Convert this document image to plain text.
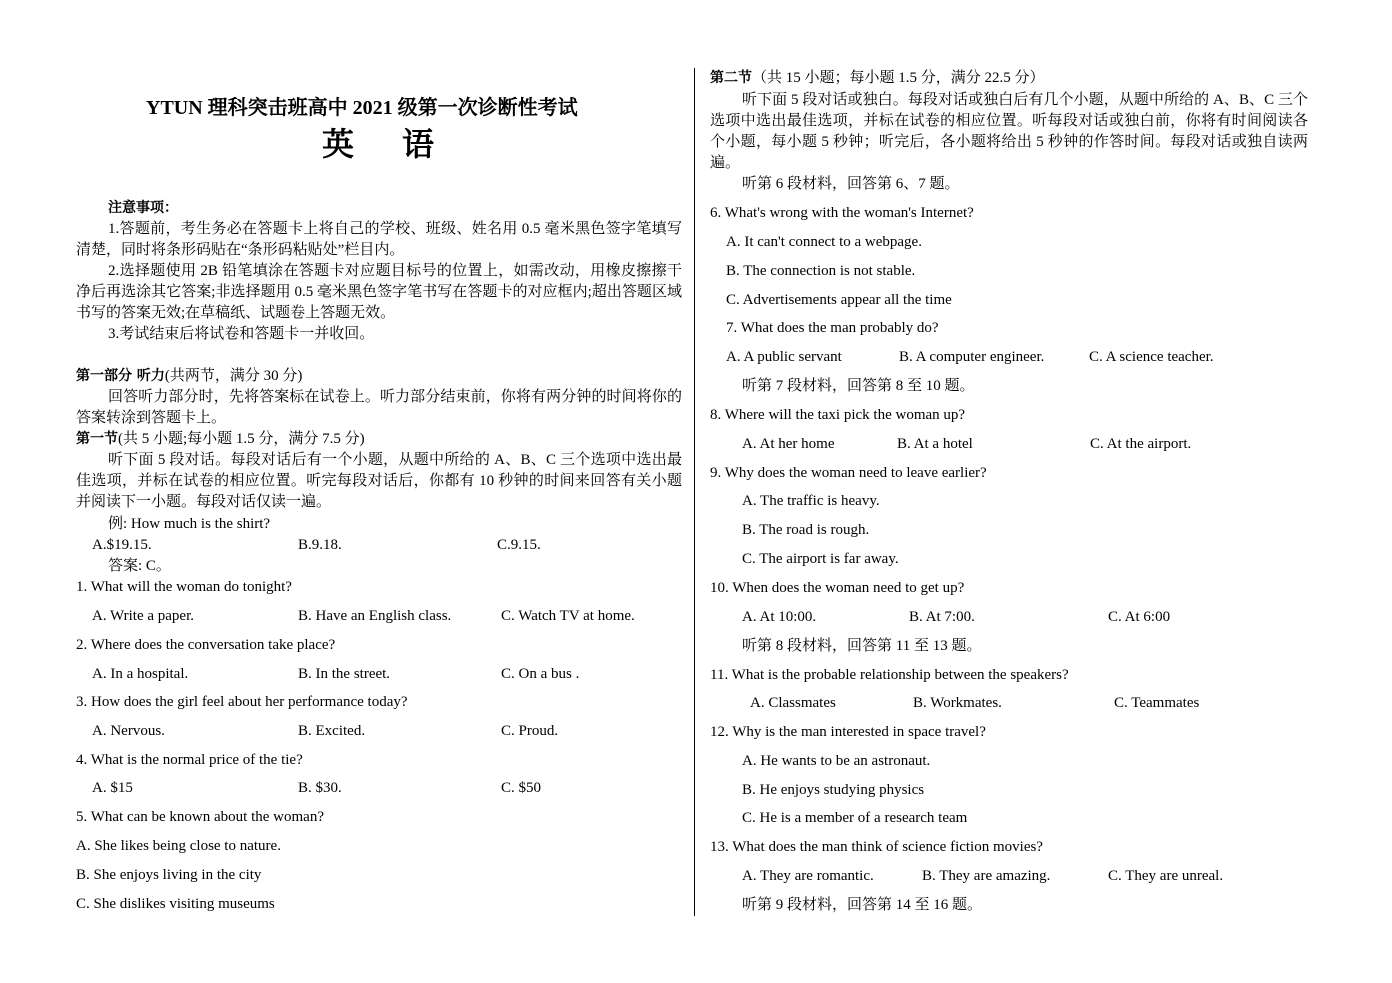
YTUN 理科突击班高中 2021 级第一次诊断性考试
英 语
注意事项：
1.答题前，考生务必在答题卡上将自己的学校、班级、姓名用 0.5 毫米黑色签字笔填写清楚，同时将条形码贴在“条形码粘贴处”栏目内。
2.选择题使用 2B 铅笔填涂在答题卡对应题目标号的位置上，如需改动，用橡皮擦擦干净后再选涂其它答案;非选择题用 0.5 毫米黑色签字笔书写在答题卡的对应框内;超出答题区域书写的答案无效;在草稿纸、试题卷上答题无效。
3.考试结束后将试卷和答题卡一并收回。
第一部分 听力(共两节，满分 30 分)
回答听力部分时，先将答案标在试卷上。听力部分结束前，你将有两分钟的时间将你的答案转涂到答题卡上。
第一节(共 5 小题;每小题 1.5 分，满分 7.5 分)
听下面 5 段对话。每段对话后有一个小题，从题中所给的 A、B、C 三个选项中选出最佳选项，并标在试卷的相应位置。听完每段对话后，你都有 10 秒钟的时间来回答有关小题并阅读下一小题。每段对话仅读一遍。
例: How much is the shirt?
A.$19.15.	B.9.18.	C.9.15.
答案: C。
1. What will the woman do tonight?
A. Write a paper.	B. Have an English class.	C. Watch TV at home.
2. Where does the conversation take place?
A. In a hospital.	B. In the street.	C. On a bus .
3. How does the girl feel about her performance today?
A. Nervous.	B. Excited.	C. Proud.
4. What is the normal price of the tie?
A. $15	B. $30.	C. $50
5. What can be known about the woman?
A. She likes being close to nature.
B. She enjoys living in the city
C. She dislikes visiting museums
第二节（共 15 小题；每小题 1.5 分，满分 22.5 分）
听下面 5 段对话或独白。每段对话或独白后有几个小题，从题中所给的 A、B、C 三个选项中选出最佳选项，并标在试卷的相应位置。听每段对话或独白前，你将有时间阅读各个小题，每小题 5 秒钟；听完后，各小题将给出 5 秒钟的作答时间。每段对话或独自读两遍。
听第 6 段材料，回答第 6、7 题。
6. What's wrong with the woman's Internet?
A. It can't connect to a webpage.
B. The connection is not stable.
C. Advertisements appear all the time
7. What does the man probably do?
A. A public servant	B. A computer engineer.	C. A science teacher.
听第 7 段材料，回答第 8 至 10 题。
8. Where will the taxi pick the woman up?
A. At her home	B. At a hotel	C. At the airport.
9. Why does the woman need to leave earlier?
A. The traffic is heavy.
B. The road is rough.
C. The airport is far away.
10. When does the woman need to get up?
A. At 10:00.	B. At 7:00.	C. At 6:00
听第 8 段材料，回答第 11 至 13 题。
11. What is the probable relationship between the speakers?
A. Classmates	B. Workmates.	C. Teammates
12. Why is the man interested in space travel?
A. He wants to be an astronaut.
B. He enjoys studying physics
C. He is a member of a research team
13. What does the man think of science fiction movies?
A. They are romantic.	B. They are amazing.	C. They are unreal.
听第 9 段材料，回答第 14 至 16 题。
